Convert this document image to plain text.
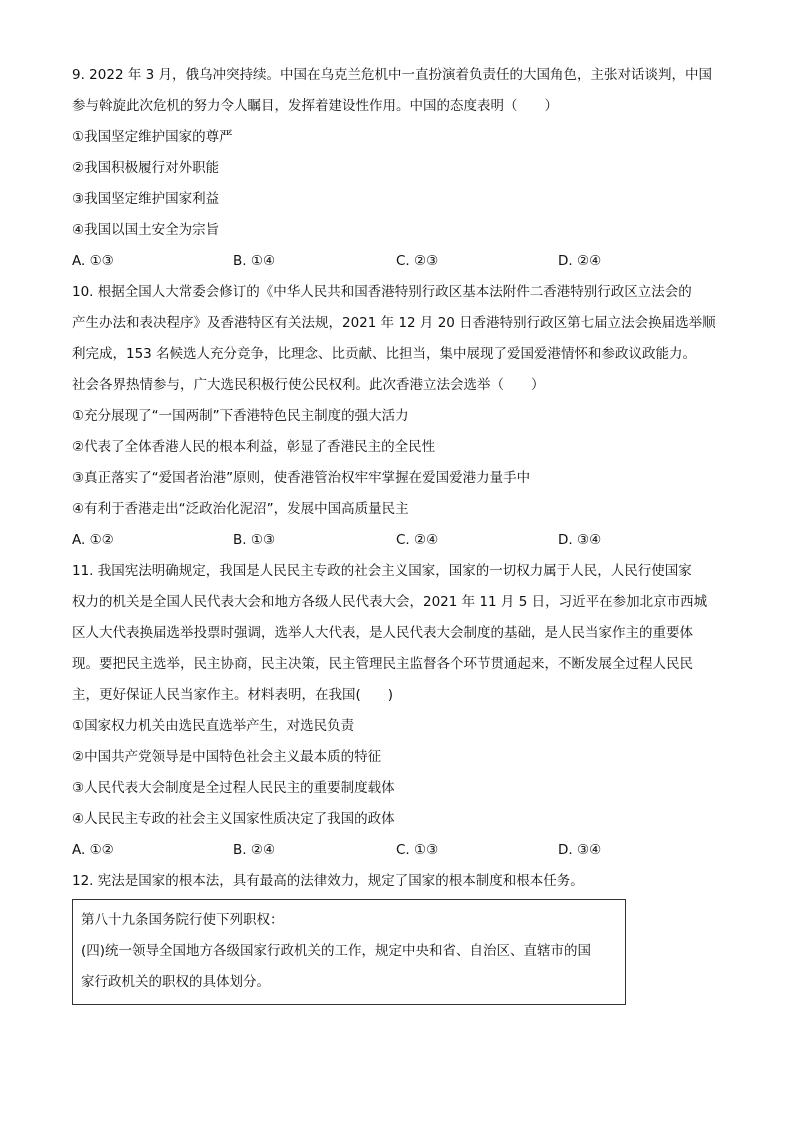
9. 2022 年 3 月，俄乌冲突持续。中国在乌克兰危机中一直扮演着负责任的大国角色，主张对话谈判，中国
参与斡旋此次危机的努力令人瞩目，发挥着建设性作用。中国的态度表明（　　）
①我国坚定维护国家的尊严
②我国积极履行对外职能
③我国坚定维护国家利益
④我国以国土安全为宗旨
A. ①③	B. ①④	C. ②③	D. ②④
10. 根据全国人大常委会修订的《中华人民共和国香港特别行政区基本法附件二香港特别行政区立法会的
产生办法和表决程序》及香港特区有关法规，2021 年 12 月 20 日香港特别行政区第七届立法会换届选举顺
利完成，153 名候选人充分竞争，比理念、比贡献、比担当，集中展现了爱国爱港情怀和参政议政能力。
社会各界热情参与，广大选民积极行使公民权利。此次香港立法会选举（　　）
①充分展现了“一国两制”下香港特色民主制度的强大活力
②代表了全体香港人民的根本利益，彰显了香港民主的全民性
③真正落实了“爱国者治港”原则，使香港管治权牢牢掌握在爱国爱港力量手中
④有利于香港走出“泛政治化泥沼”，发展中国高质量民主
A. ①②	B. ①③	C. ②④	D. ③④
11. 我国宪法明确规定，我国是人民民主专政的社会主义国家，国家的一切权力属于人民，人民行使国家
权力的机关是全国人民代表大会和地方各级人民代表大会，2021 年 11 月 5 日，习近平在参加北京市西城
区人大代表换届选举投票时强调，选举人大代表，是人民代表大会制度的基础，是人民当家作主的重要体
现。要把民主选举，民主协商，民主决策，民主管理民主监督各个环节贯通起来，不断发展全过程人民民
主，更好保证人民当家作主。材料表明，在我国(　　)
①国家权力机关由选民直选举产生，对选民负责
②中国共产党领导是中国特色社会主义最本质的特征
③人民代表大会制度是全过程人民民主的重要制度载体
④人民民主专政的社会主义国家性质决定了我国的政体
A. ①②	B. ②④	C. ①③	D. ③④
12. 宪法是国家的根本法，具有最高的法律效力，规定了国家的根本制度和根本任务。
第八十九条国务院行使下列职权：
(四)统一领导全国地方各级国家行政机关的工作，规定中央和省、自治区、直辖市的国
家行政机关的职权的具体划分。
